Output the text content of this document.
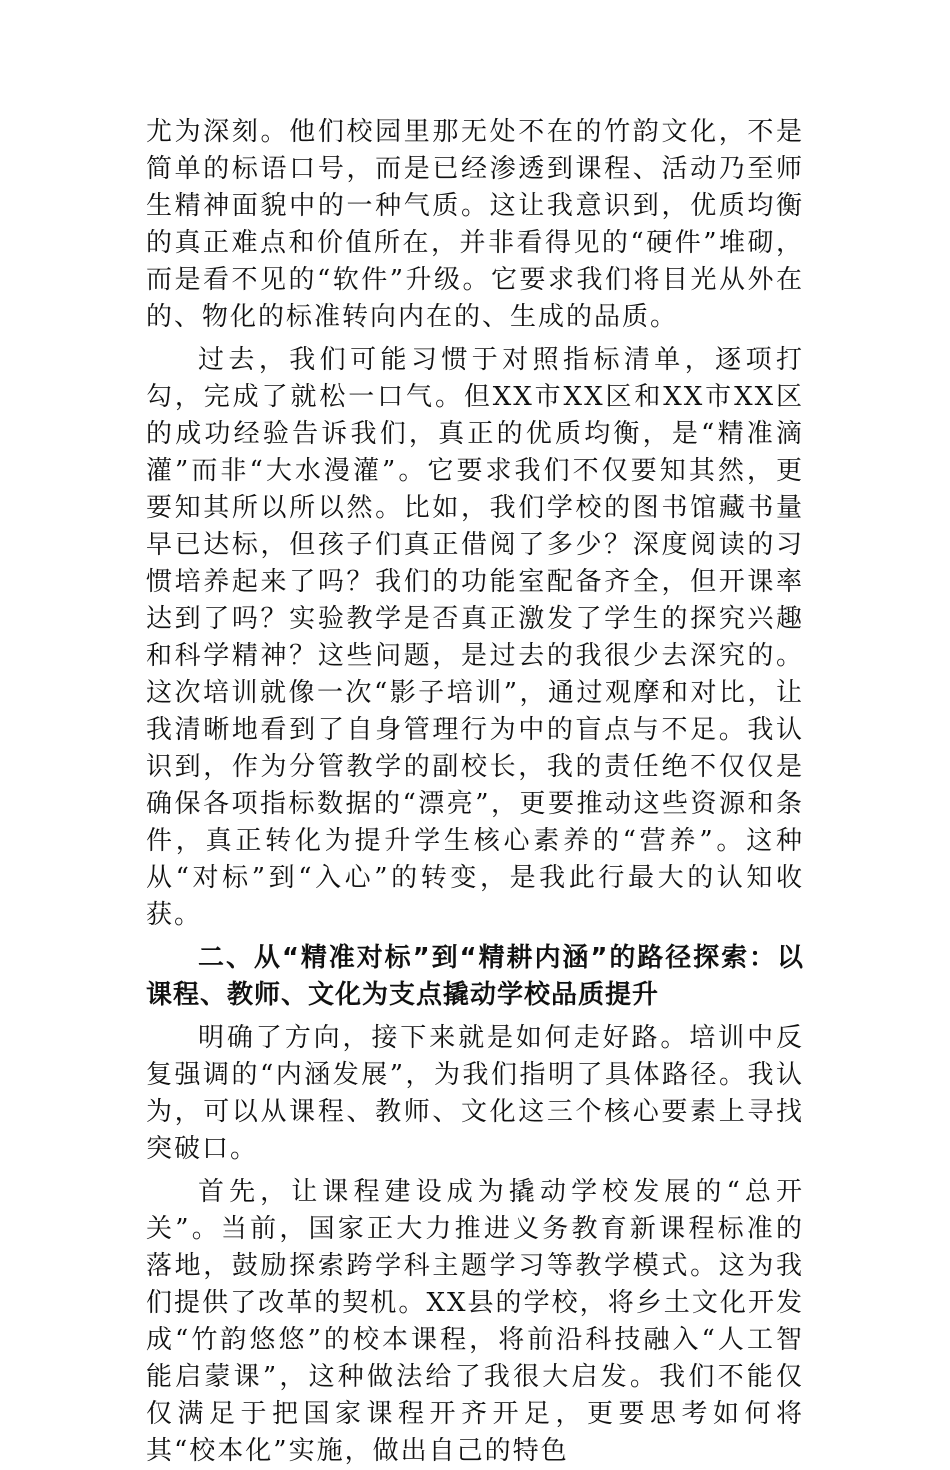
尤为深刻。他们校园里那无处不在的竹韵文化，不是简单的标语口号，而是已经渗透到课程、活动乃至师生精神面貌中的一种气质。这让我意识到，优质均衡的真正难点和价值所在，并非看得见的“硬件”堆砌，而是看不见的“软件”升级。它要求我们将目光从外在的、物化的标准转向内在的、生成的品质。

过去，我们可能习惯于对照指标清单，逐项打勾，完成了就松一口气。但XX市XX区和XX市XX区的成功经验告诉我们，真正的优质均衡，是“精准滴灌”而非“大水漫灌”。它要求我们不仅要知其然，更要知其所以所以然。比如，我们学校的图书馆藏书量早已达标，但孩子们真正借阅了多少？深度阅读的习惯培养起来了吗？我们的功能室配备齐全，但开课率达到了吗？实验教学是否真正激发了学生的探究兴趣和科学精神？这些问题，是过去的我很少去深究的。这次培训就像一次“影子培训”，通过观摩和对比，让我清晰地看到了自身管理行为中的盲点与不足。我认识到，作为分管教学的副校长，我的责任绝不仅仅是确保各项指标数据的“漂亮”，更要推动这些资源和条件，真正转化为提升学生核心素养的“营养”。这种从“对标”到“入心”的转变，是我此行最大的认知收获。

二、从“精准对标”到“精耕内涵”的路径探索：以课程、教师、文化为支点撬动学校品质提升

明确了方向，接下来就是如何走好路。培训中反复强调的“内涵发展”，为我们指明了具体路径。我认为，可以从课程、教师、文化这三个核心要素上寻找突破口。

首先，让课程建设成为撬动学校发展的“总开关”。当前，国家正大力推进义务教育新课程标准的落地，鼓励探索跨学科主题学习等教学模式。这为我们提供了改革的契机。XX县的学校，将乡土文化开发成“竹韵悠悠”的校本课程，将前沿科技融入“人工智能启蒙课”，这种做法给了我很大启发。我们不能仅仅满足于把国家课程开齐开足，更要思考如何将其“校本化”实施，做出自己的特色
